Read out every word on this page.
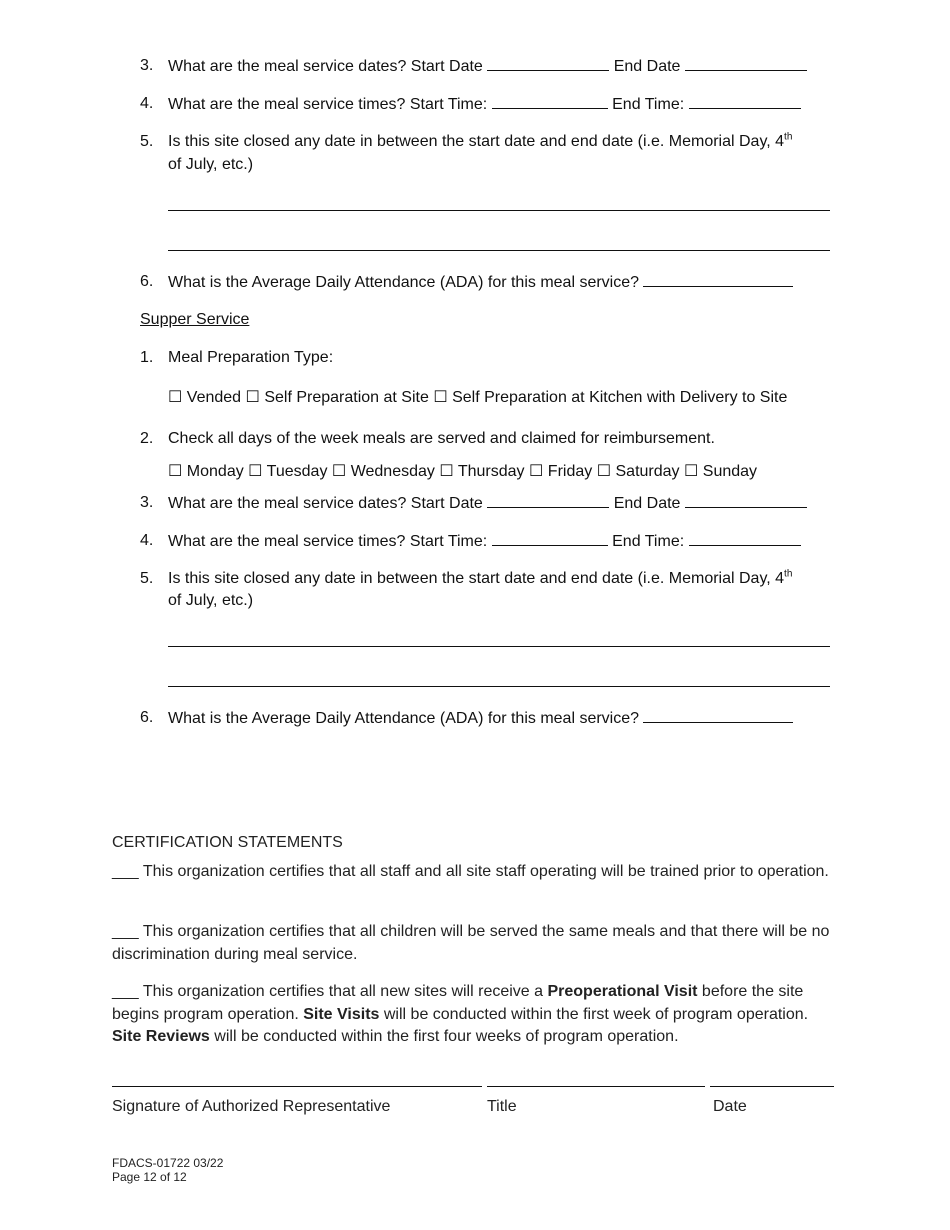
3. What are the meal service dates? Start Date	End Date
4. What are the meal service times? Start Time:	End Time:
5. Is this site closed any date in between the start date and end date (i.e. Memorial Day, 4th
of July, etc.)
6. What is the Average Daily Attendance (ADA) for this meal service?
Supper Service
1. Meal Preparation Type:
☐ Vended ☐ Self Preparation at Site ☐ Self Preparation at Kitchen with Delivery to Site
2. Check all days of the week meals are served and claimed for reimbursement.
☐ Monday ☐ Tuesday ☐ Wednesday ☐ Thursday ☐ Friday ☐ Saturday ☐ Sunday
3. What are the meal service dates? Start Date	End Date
4. What are the meal service times? Start Time:	End Time:
5. Is this site closed any date in between the start date and end date (i.e. Memorial Day, 4th
of July, etc.)
6. What is the Average Daily Attendance (ADA) for this meal service?
CERTIFICATION STATEMENTS
___ This organization certifies that all staff and all site staff operating will be trained prior to operation.
___ This organization certifies that all children will be served the same meals and that there will be no discrimination during meal service.
___ This organization certifies that all new sites will receive a Preoperational Visit before the site begins program operation. Site Visits will be conducted within the first week of program operation. Site Reviews will be conducted within the first four weeks of program operation.
Signature of Authorized Representative	Title	Date
FDACS-01722 03/22
Page 12 of 12
